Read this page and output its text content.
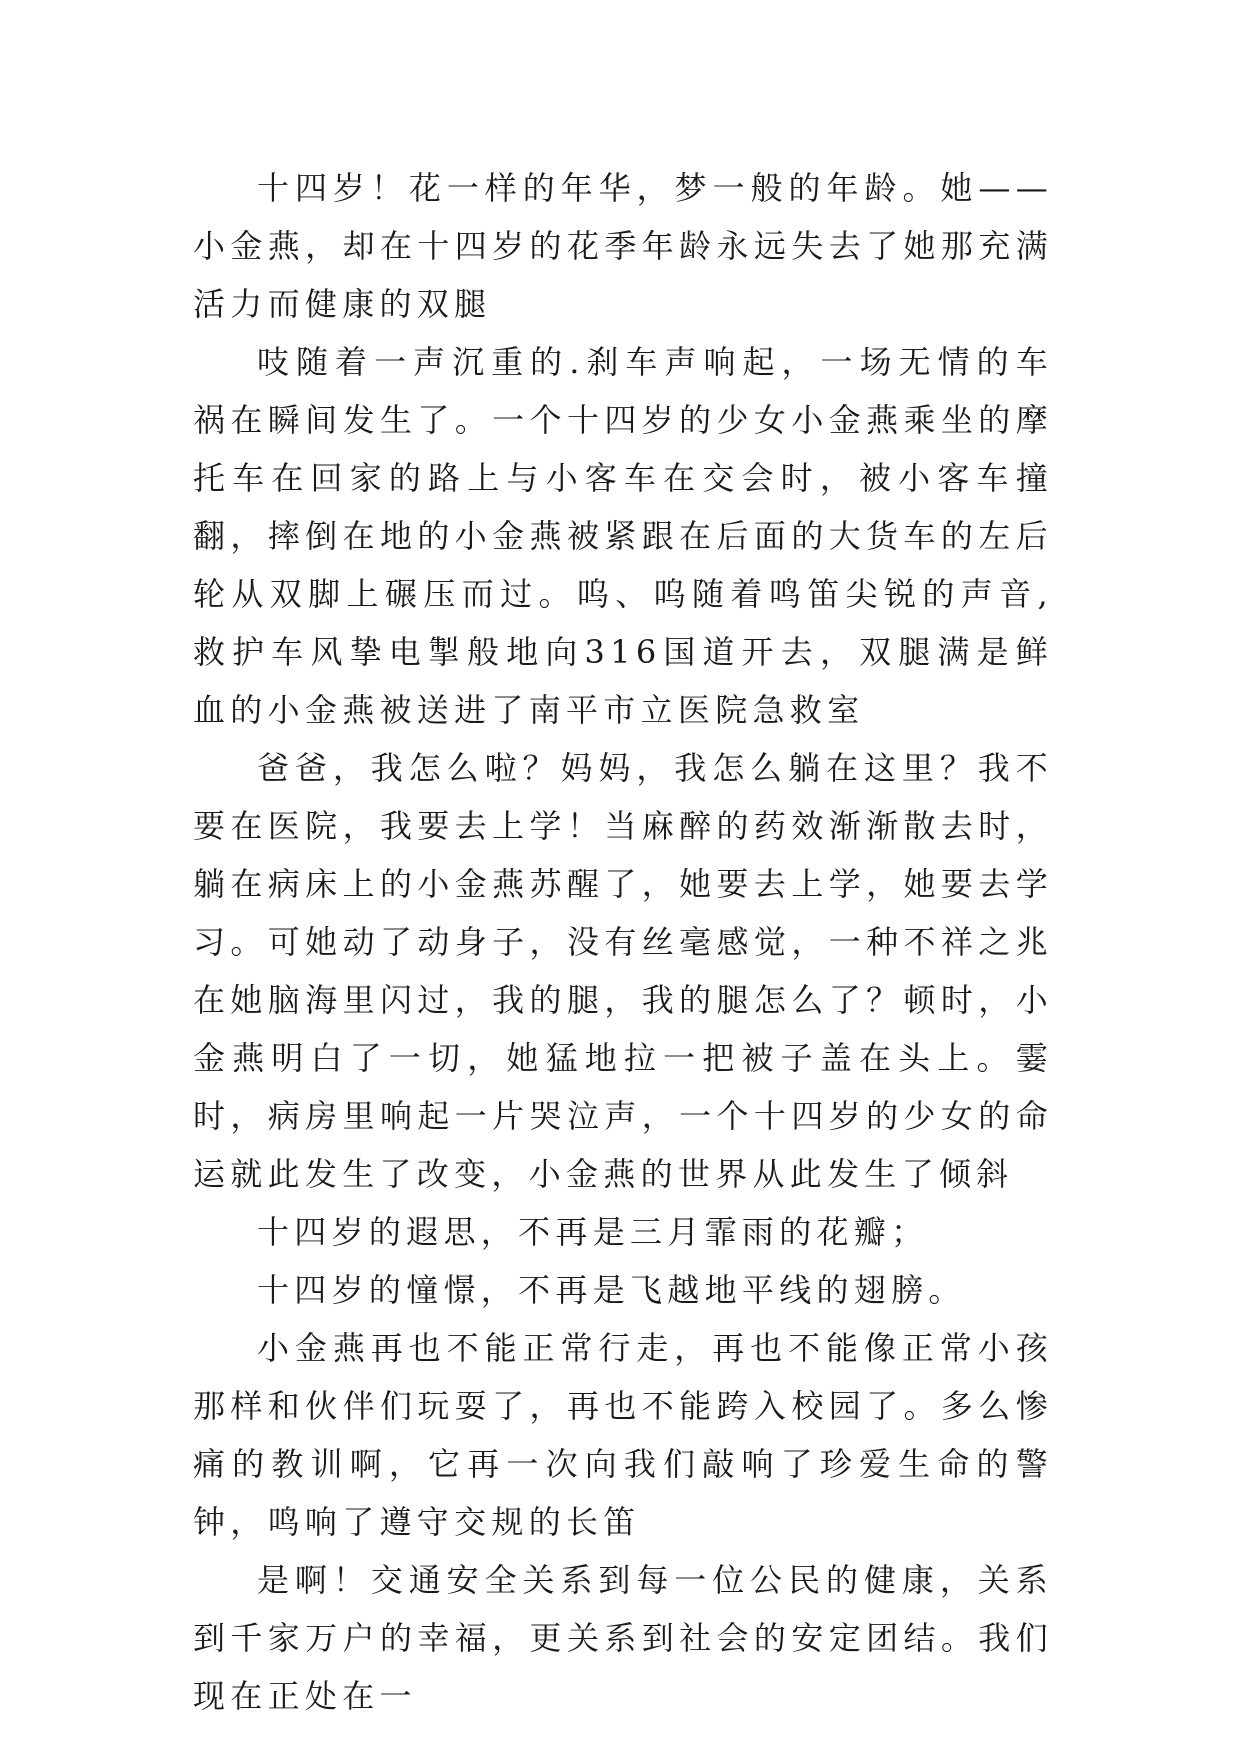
十四岁！花一样的年华，梦一般的年龄。她——小金燕，却在十四岁的花季年龄永远失去了她那充满活力而健康的双腿

吱随着一声沉重的.刹车声响起，一场无情的车祸在瞬间发生了。一个十四岁的少女小金燕乘坐的摩托车在回家的路上与小客车在交会时，被小客车撞翻，摔倒在地的小金燕被紧跟在后面的大货车的左后轮从双脚上碾压而过。呜、呜随着鸣笛尖锐的声音,救护车风挚电掣般地向316国道开去，双腿满是鲜血的小金燕被送进了南平市立医院急救室

爸爸，我怎么啦？妈妈，我怎么躺在这里？我不要在医院，我要去上学！当麻醉的药效渐渐散去时，躺在病床上的小金燕苏醒了，她要去上学，她要去学习。可她动了动身子，没有丝毫感觉，一种不祥之兆在她脑海里闪过，我的腿，我的腿怎么了？顿时，小金燕明白了一切，她猛地拉一把被子盖在头上。霎时，病房里响起一片哭泣声，一个十四岁的少女的命运就此发生了改变，小金燕的世界从此发生了倾斜

十四岁的遐思，不再是三月霏雨的花瓣；

十四岁的憧憬，不再是飞越地平线的翅膀。

小金燕再也不能正常行走，再也不能像正常小孩那样和伙伴们玩耍了，再也不能跨入校园了。多么惨痛的教训啊，它再一次向我们敲响了珍爱生命的警钟，鸣响了遵守交规的长笛

是啊！交通安全关系到每一位公民的健康，关系到千家万户的幸福，更关系到社会的安定团结。我们现在正处在一
